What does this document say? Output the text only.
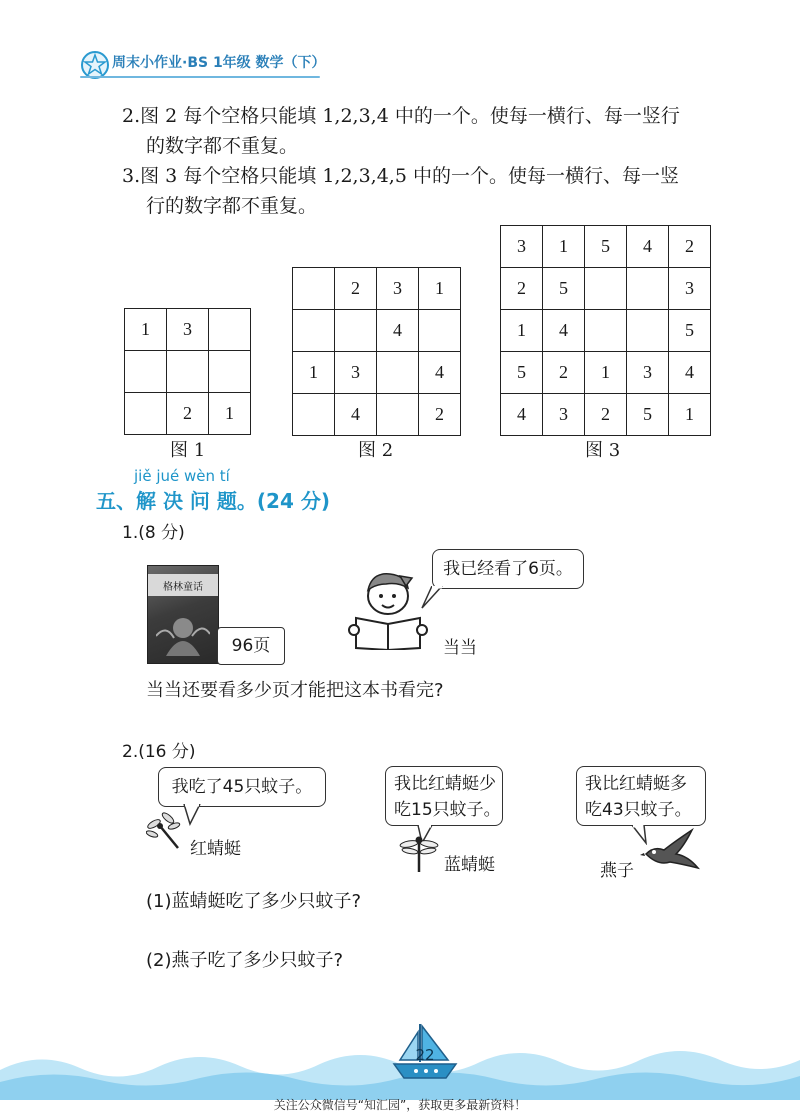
周末小作业·BS 1年级 数学（下）
2.图 2 每个空格只能填 1,2,3,4 中的一个。使每一横行、每一竖行
的数字都不重复。
3.图 3 每个空格只能填 1,2,3,4,5 中的一个。使每一横行、每一竖
行的数字都不重复。
1	3	

	2	1
图 1
	2	3	1
		4	
1	3		4
	4		2
图 2
3	1	5	4	2
2	5			3
1	4			5
5	2	1	3	4
4	3	2	5	1
图 3
jiě jué wèn tí
五、解 决 问 题。(24 分)
1.(8 分)
格林童话
96页
我已经看了6页。
当当
当当还要看多少页才能把这本书看完?
2.(16 分)
我吃了45只蚊子。
红蜻蜓
我比红蜻蜓少
吃15只蚊子。
蓝蜻蜓
我比红蜻蜓多
吃43只蚊子。
燕子
(1)蓝蜻蜓吃了多少只蚊子?
(2)燕子吃了多少只蚊子?
22
关注公众微信号“知汇园”，获取更多最新资料！
